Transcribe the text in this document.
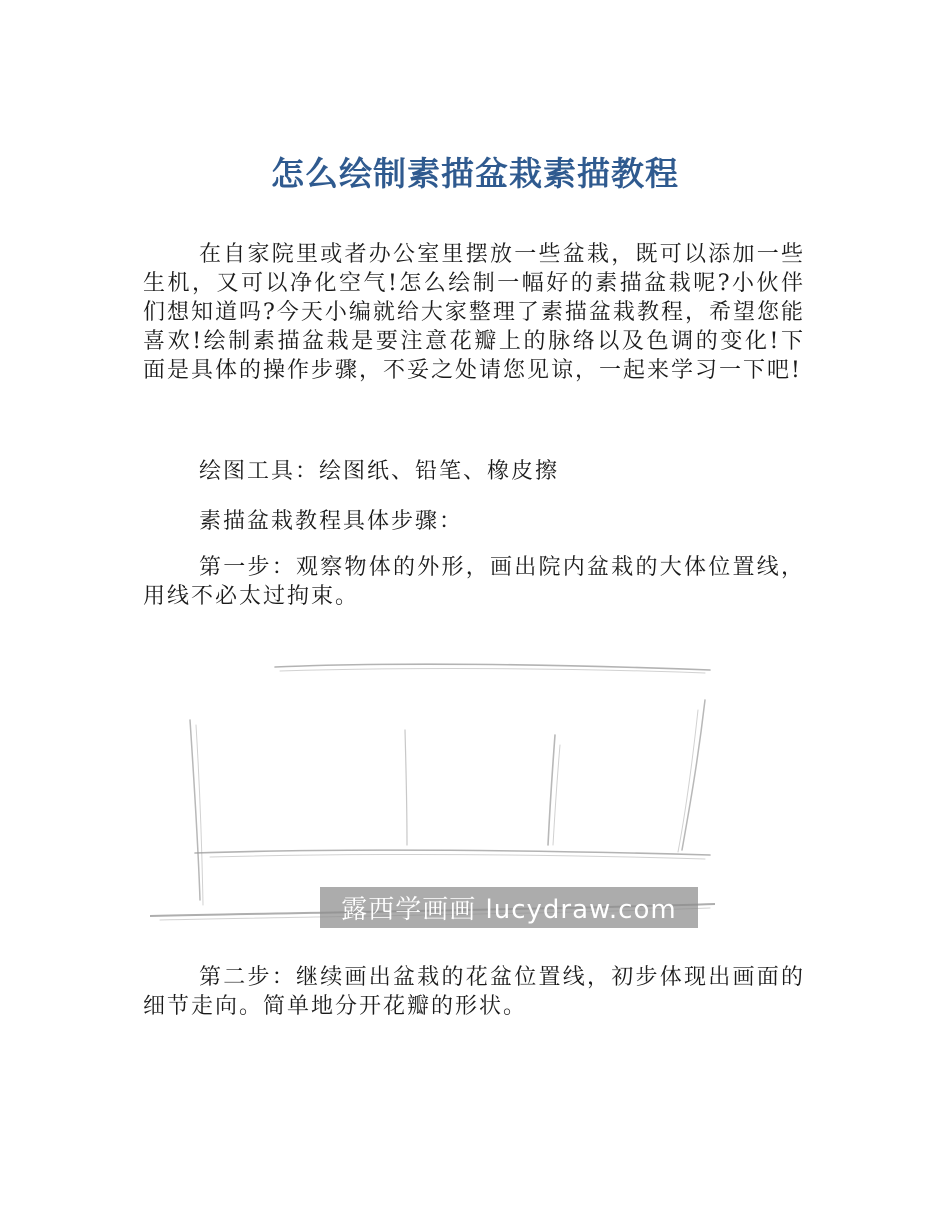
怎么绘制素描盆栽素描教程

在自家院里或者办公室里摆放一些盆栽，既可以添加一些生机，又可以净化空气!怎么绘制一幅好的素描盆栽呢?小伙伴们想知道吗?今天小编就给大家整理了素描盆栽教程，希望您能喜欢!绘制素描盆栽是要注意花瓣上的脉络以及色调的变化!下面是具体的操作步骤，不妥之处请您见谅，一起来学习一下吧!

绘图工具：绘图纸、铅笔、橡皮擦

素描盆栽教程具体步骤：

第一步：观察物体的外形，画出院内盆栽的大体位置线，用线不必太过拘束。

露西学画画 lucydraw.com

第二步：继续画出盆栽的花盆位置线，初步体现出画面的细节走向。简单地分开花瓣的形状。
